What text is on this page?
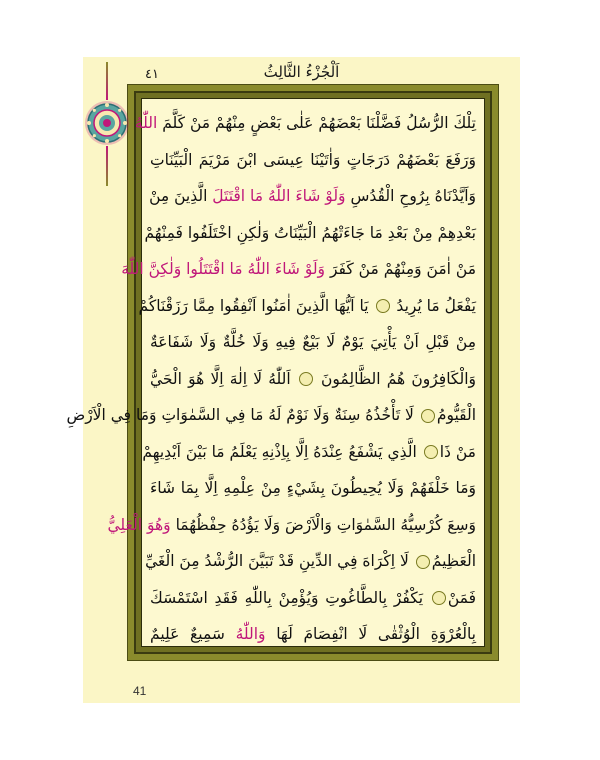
٤١	اَلْجُزْءُ الثَّالِثُ
تِلْكَ الرُّسُلُ فَضَّلْنَا بَعْضَهُمْ عَلٰى بَعْضٍ مِنْهُمْ مَنْ كَلَّمَ اللّٰهُ
وَرَفَعَ بَعْضَهُمْ دَرَجَاتٍ وَاٰتَيْنَا عِيسَى ابْنَ مَرْيَمَ الْبَيِّنَاتِ
وَاَيَّدْنَاهُ بِرُوحِ الْقُدُسِ وَلَوْ شَاءَ اللّٰهُ مَا اقْتَتَلَ الَّذِينَ مِنْ
بَعْدِهِمْ مِنْ بَعْدِ مَا جَاءَتْهُمُ الْبَيِّنَاتُ وَلٰكِنِ اخْتَلَفُوا فَمِنْهُمْ
مَنْ اٰمَنَ وَمِنْهُمْ مَنْ كَفَرَ وَلَوْ شَاءَ اللّٰهُ مَا اقْتَتَلُوا وَلٰكِنَّ اللّٰهَ
يَفْعَلُ مَا يُرِيدُ  يَا اَيُّهَا الَّذِينَ اٰمَنُوا اَنْفِقُوا مِمَّا رَزَقْنَاكُمْ
مِنْ قَبْلِ اَنْ يَأْتِيَ يَوْمٌ لَا بَيْعٌ فِيهِ وَلَا خُلَّةٌ وَلَا شَفَاعَةٌ
وَالْكَافِرُونَ هُمُ الظَّالِمُونَ  اَللّٰهُ لَا اِلٰهَ اِلَّا هُوَ الْحَيُّ
الْقَيُّومُ لَا تَأْخُذُهُ سِنَةٌ وَلَا نَوْمٌ لَهُ مَا فِي السَّمٰوَاتِ وَمَا فِي الْاَرْضِ
مَنْ ذَا الَّذِي يَشْفَعُ عِنْدَهُ اِلَّا بِاِذْنِهِ يَعْلَمُ مَا بَيْنَ اَيْدِيهِمْ
وَمَا خَلْفَهُمْ وَلَا يُحِيطُونَ بِشَيْءٍ مِنْ عِلْمِهِ اِلَّا بِمَا شَاءَ
وَسِعَ كُرْسِيُّهُ السَّمٰوَاتِ وَالْاَرْضَ وَلَا يَؤُدُهُ حِفْظُهُمَا وَهُوَ الْعَلِيُّ
الْعَظِيمُ لَا اِكْرَاهَ فِي الدِّينِ قَدْ تَبَيَّنَ الرُّشْدُ مِنَ الْغَيِّ
فَمَنْ يَكْفُرْ بِالطَّاغُوتِ وَيُؤْمِنْ بِاللّٰهِ فَقَدِ اسْتَمْسَكَ
بِالْعُرْوَةِ الْوُثْقٰى لَا انْفِصَامَ لَهَا وَاللّٰهُ سَمِيعٌ عَلِيمٌ
41
